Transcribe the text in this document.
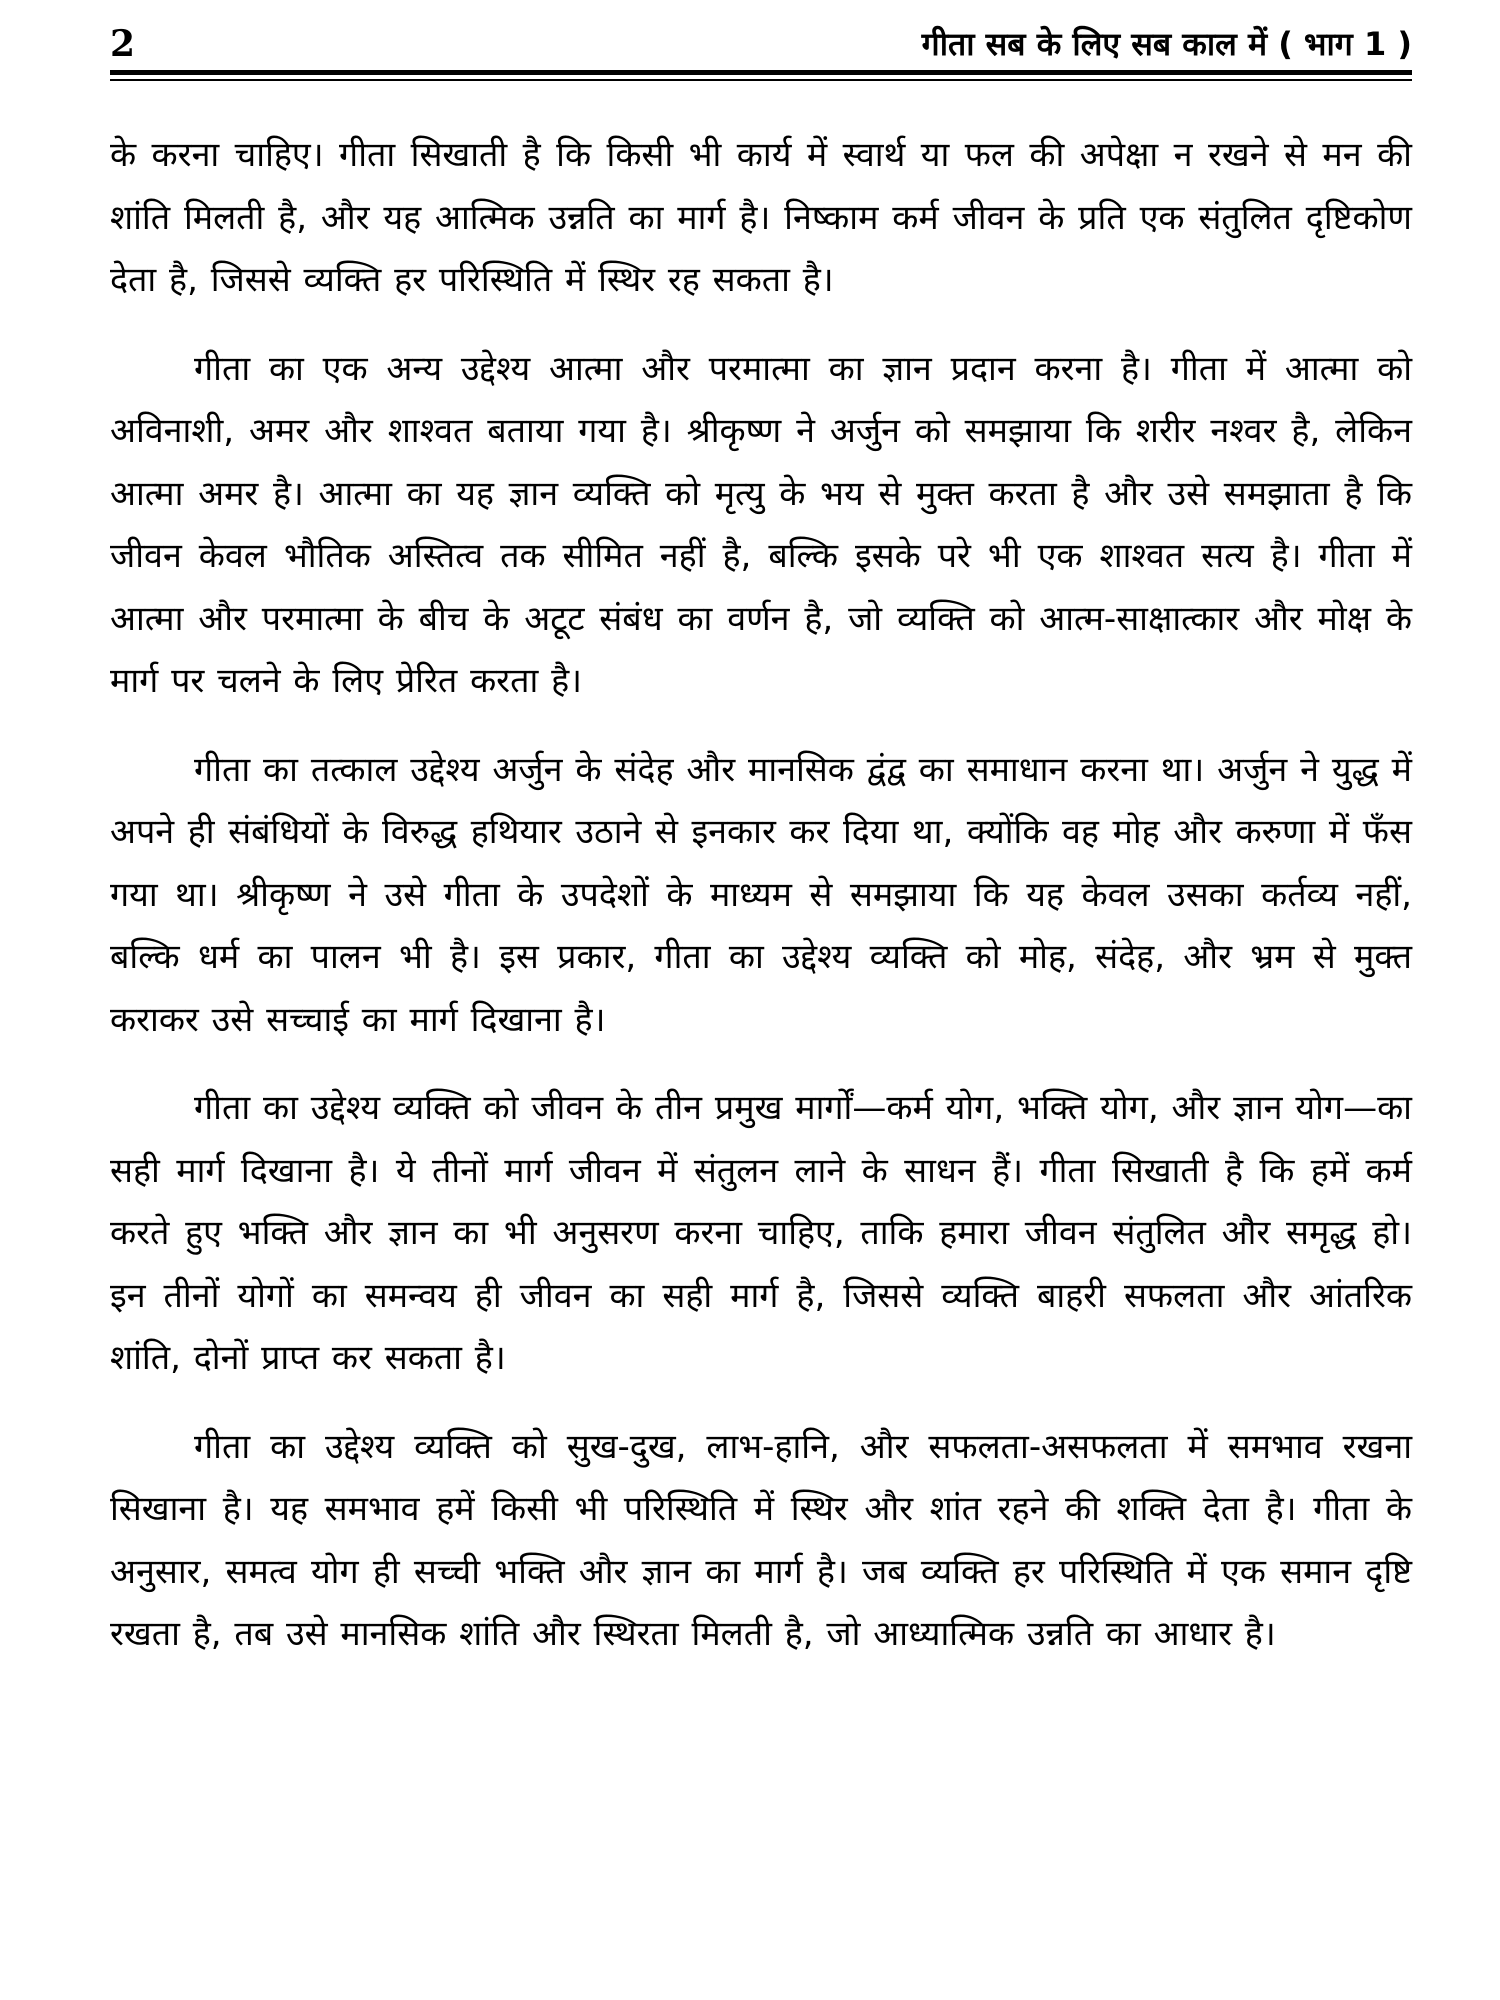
2	गीता सब के लिए सब काल में ( भाग 1 )

के करना चाहिए। गीता सिखाती है कि किसी भी कार्य में स्वार्थ या फल की अपेक्षा न रखने से मन की शांति मिलती है, और यह आत्मिक उन्नति का मार्ग है। निष्काम कर्म जीवन के प्रति एक संतुलित दृष्टिकोण देता है, जिससे व्यक्ति हर परिस्थिति में स्थिर रह सकता है।

गीता का एक अन्य उद्देश्य आत्मा और परमात्मा का ज्ञान प्रदान करना है। गीता में आत्मा को अविनाशी, अमर और शाश्वत बताया गया है। श्रीकृष्ण ने अर्जुन को समझाया कि शरीर नश्वर है, लेकिन आत्मा अमर है। आत्मा का यह ज्ञान व्यक्ति को मृत्यु के भय से मुक्त करता है और उसे समझाता है कि जीवन केवल भौतिक अस्तित्व तक सीमित नहीं है, बल्कि इसके परे भी एक शाश्वत सत्य है। गीता में आत्मा और परमात्मा के बीच के अटूट संबंध का वर्णन है, जो व्यक्ति को आत्म-साक्षात्कार और मोक्ष के मार्ग पर चलने के लिए प्रेरित करता है।

गीता का तत्काल उद्देश्य अर्जुन के संदेह और मानसिक द्वंद्व का समाधान करना था। अर्जुन ने युद्ध में अपने ही संबंधियों के विरुद्ध हथियार उठाने से इनकार कर दिया था, क्योंकि वह मोह और करुणा में फँस गया था। श्रीकृष्ण ने उसे गीता के उपदेशों के माध्यम से समझाया कि यह केवल उसका कर्तव्य नहीं, बल्कि धर्म का पालन भी है। इस प्रकार, गीता का उद्देश्य व्यक्ति को मोह, संदेह, और भ्रम से मुक्त कराकर उसे सच्चाई का मार्ग दिखाना है।

गीता का उद्देश्य व्यक्ति को जीवन के तीन प्रमुख मार्गों—कर्म योग, भक्ति योग, और ज्ञान योग—का सही मार्ग दिखाना है। ये तीनों मार्ग जीवन में संतुलन लाने के साधन हैं। गीता सिखाती है कि हमें कर्म करते हुए भक्ति और ज्ञान का भी अनुसरण करना चाहिए, ताकि हमारा जीवन संतुलित और समृद्ध हो। इन तीनों योगों का समन्वय ही जीवन का सही मार्ग है, जिससे व्यक्ति बाहरी सफलता और आंतरिक शांति, दोनों प्राप्त कर सकता है।

गीता का उद्देश्य व्यक्ति को सुख-दुख, लाभ-हानि, और सफलता-असफलता में समभाव रखना सिखाना है। यह समभाव हमें किसी भी परिस्थिति में स्थिर और शांत रहने की शक्ति देता है। गीता के अनुसार, समत्व योग ही सच्ची भक्ति और ज्ञान का मार्ग है। जब व्यक्ति हर परिस्थिति में एक समान दृष्टि रखता है, तब उसे मानसिक शांति और स्थिरता मिलती है, जो आध्यात्मिक उन्नति का आधार है।
